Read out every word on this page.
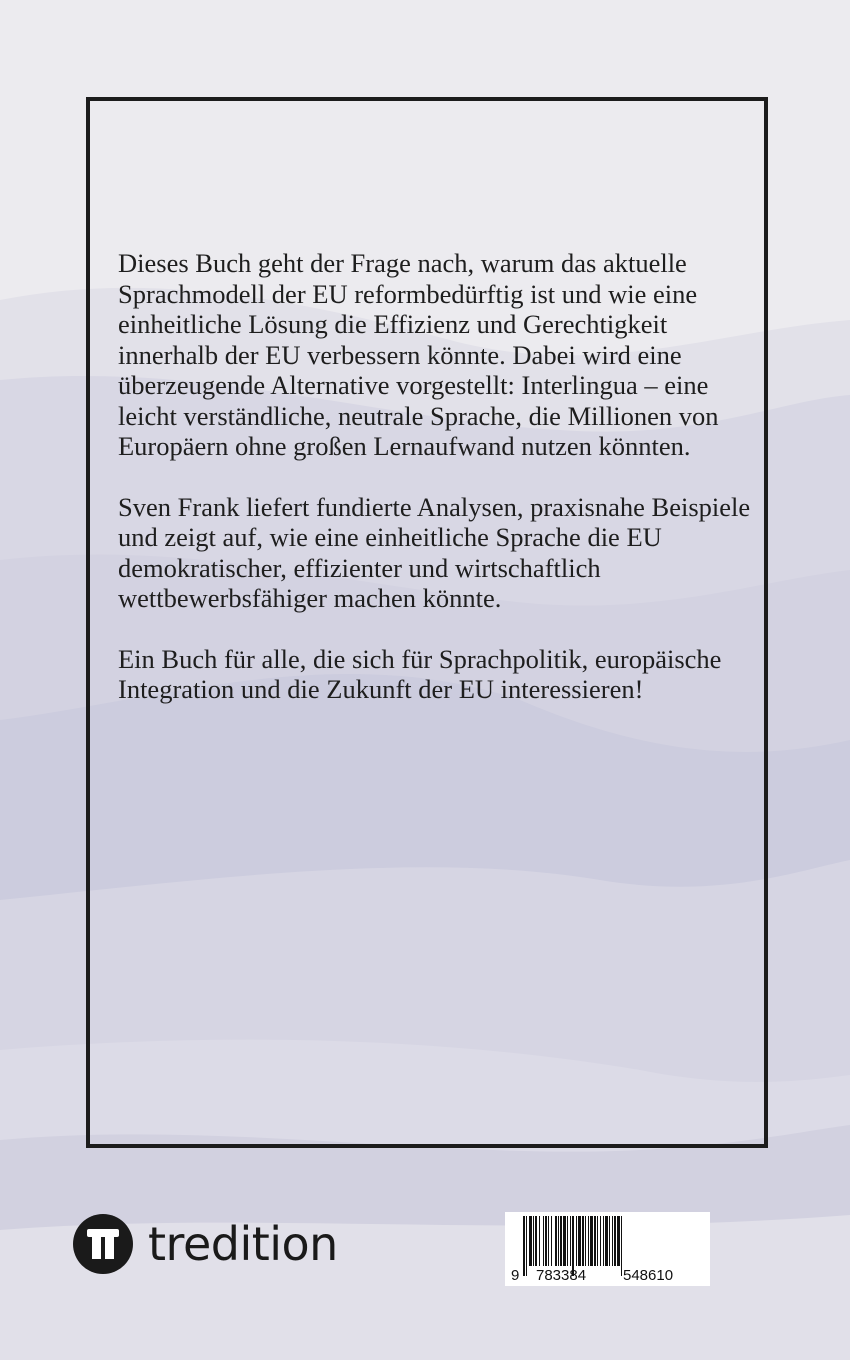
Dieses Buch geht der Frage nach, warum das aktuelle Sprachmodell der EU reformbedürftig ist und wie eine einheitliche Lösung die Effizienz und Gerechtigkeit innerhalb der EU verbessern könnte. Dabei wird eine überzeugende Alternative vorgestellt: Interlingua – eine leicht verständliche, neutrale Sprache, die Millionen von Europäern ohne großen Lernaufwand nutzen könnten.

Sven Frank liefert fundierte Analysen, praxisnahe Beispiele und zeigt auf, wie eine einheitliche Sprache die EU demokratischer, effizienter und wirtschaftlich wettbewerbsfähiger machen könnte.

Ein Buch für alle, die sich für Sprachpolitik, europäische Integration und die Zukunft der EU interessieren!

tredition
9 783384 548610
